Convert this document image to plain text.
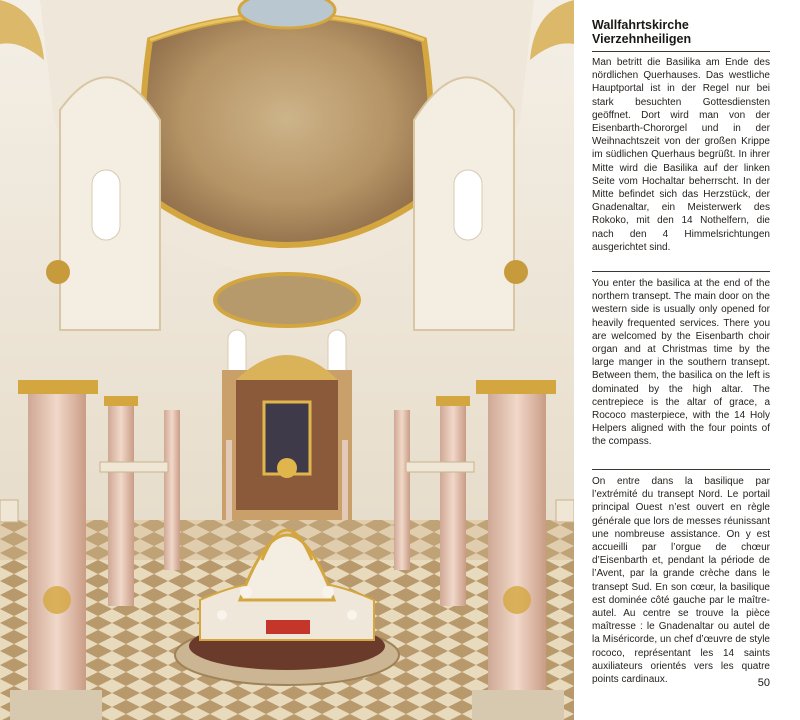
Wallfahrtskirche Vierzehnheiligen

Man betritt die Basilika am Ende des nördlichen Querhauses. Das westliche Hauptportal ist in der Regel nur bei stark besuchten Gottesdiensten geöffnet. Dort wird man von der Eisenbarth-Chororgel und in der Weihnachtszeit von der großen Krippe im südlichen Querhaus begrüßt. In ihrer Mitte wird die Basilika auf der linken Seite vom Hochaltar beherrscht. In der Mitte befindet sich das Herzstück, der Gnadenaltar, ein Meisterwerk des Rokoko, mit den 14 Nothelfern, die nach den 4 Himmelsrichtungen ausgerichtet sind.

You enter the basilica at the end of the northern transept. The main door on the western side is usually only opened for heavily frequented services. There you are welcomed by the Eisenbarth choir organ and at Christmas time by the large manger in the southern transept. Between them, the basilica on the left is dominated by the high altar. The centrepiece is the altar of grace, a Rococo masterpiece, with the 14 Holy Helpers aligned with the four points of the compass.

On entre dans la basilique par l’extrémité du transept Nord. Le portail principal Ouest n’est ouvert en règle générale que lors de messes réunissant une nombreuse assistance. On y est accueilli par l’orgue de chœur d’Eisenbarth et, pendant la période de l’Avent, par la grande crèche dans le transept Sud. En son cœur, la basilique est dominée côté gauche par le maître-autel. Au centre se trouve la pièce maîtresse : le Gnadenaltar ou autel de la Miséricorde, un chef d’œuvre de style rococo, représentant les 14 saints auxiliateurs orientés vers les quatre points cardinaux.	50
